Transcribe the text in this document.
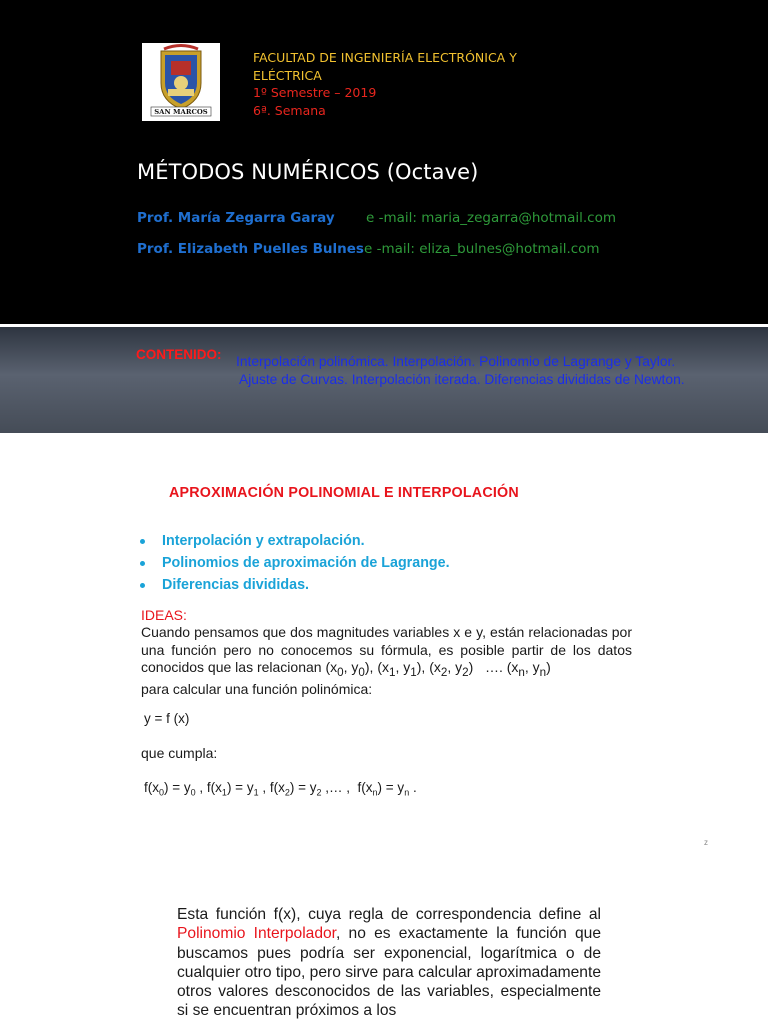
SAN MARCOS
FACULTAD DE INGENIERÍA ELECTRÓNICA Y ELÉCTRICA
1º Semestre – 2019
6ª. Semana
MÉTODOS NUMÉRICOS (Octave)
Prof. María Zegarra Garay e -mail: maria_zegarra@hotmail.com
Prof. Elizabeth Puelles Bulnes e -mail: eliza_bulnes@hotmail.com
CONTENIDO: Interpolación polinómica. Interpolación. Polinomio de Lagrange y Taylor.
Ajuste de Curvas. Interpolación iterada. Diferencias divididas de Newton.
APROXIMACIÓN POLINOMIAL E INTERPOLACIÓN
Interpolación y extrapolación.
Polinomios de aproximación de Lagrange.
Diferencias divididas.
IDEAS:

Cuando pensamos que dos magnitudes variables x e y, están relacionadas por una función pero no conocemos su fórmula, es posible partir de los datos conocidos que las relacionan ($x_0$, $y_0$), ($x_1$, $y_1$), ($x_2$, $y_2$)   …. ($x_n$, $y_n$)

para calcular una función polinómica:

y = f (x)
que cumpla:
$f(x_0) = y_0$ , $f(x_1) = y_1$ , $f(x_2) = y_2$ ,… ,  $f(x_n) = y_n$ .
z
Esta función f(x), cuya regla de correspondencia define al Polinomio Interpolador, no es exactamente la función que buscamos pues podría ser exponencial, logarítmica o de cualquier otro tipo, pero sirve para calcular aproximadamente otros valores desconocidos de las variables, especialmente si se encuentran próximos a los
